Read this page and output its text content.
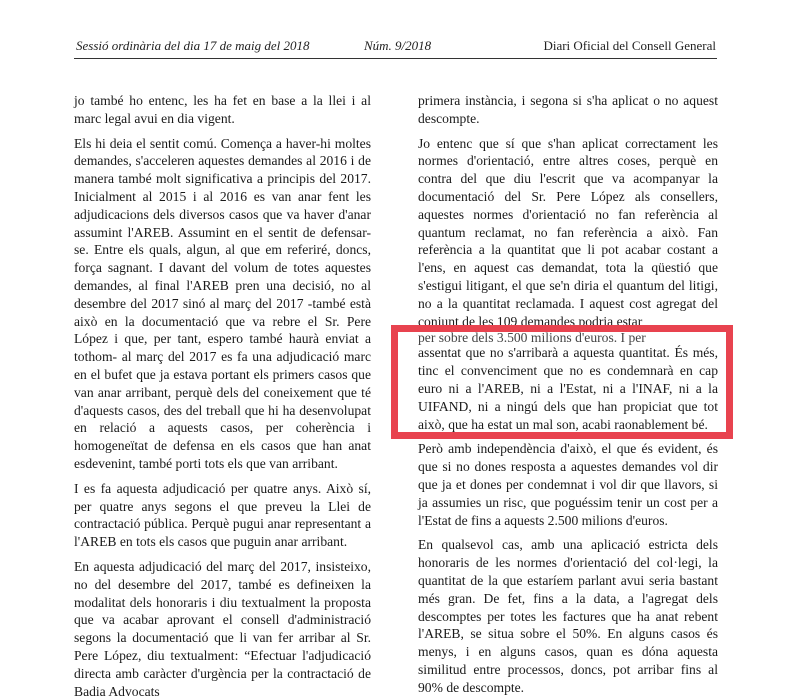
Sessió ordinària del dia 17 de maig del 2018	Núm. 9/2018	Diari Oficial del Consell General

jo també ho entenc, les ha fet en base a la llei i al marc legal avui en dia vigent.

Els hi deia el sentit comú. Comença a haver-hi moltes demandes, s'acceleren aquestes demandes al 2016 i de manera també molt significativa a principis del 2017. Inicialment al 2015 i al 2016 es van anar fent les adjudicacions dels diversos casos que va haver d'anar assumint l'AREB. Assumint en el sentit de defensar-se. Entre els quals, algun, al que em referiré, doncs, força sagnant. I davant del volum de totes aquestes demandes, al final l'AREB pren una decisió, no al desembre del 2017 sinó al març del 2017 -també està això en la documentació que va rebre el Sr. Pere López i que, per tant, espero també haurà enviat a tothom- al març del 2017 es fa una adjudicació marc en el bufet que ja estava portant els primers casos que van anar arribant, perquè dels del coneixement que té d'aquests casos, des del treball que hi ha desenvolupat en relació a aquests casos, per coherència i homogeneïtat de defensa en els casos que han anat esdevenint, també porti tots els que van arribant.

I es fa aquesta adjudicació per quatre anys. Això sí, per quatre anys segons el que preveu la Llei de contractació pública. Perquè pugui anar representant a l'AREB en tots els casos que puguin anar arribant.

En aquesta adjudicació del març del 2017, insisteixo, no del desembre del 2017, també es defineixen la modalitat dels honoraris i diu textualment la proposta que va acabar aprovant el consell d'administració segons la documentació que li van fer arribar al Sr. Pere López, diu textualment: “Efectuar l'adjudicació directa amb caràcter d'urgència per la contractació de Badia Advocats

primera instància, i segona si s'ha aplicat o no aquest descompte.

Jo entenc que sí que s'han aplicat correctament les normes d'orientació, entre altres coses, perquè en contra del que diu l'escrit que va acompanyar la documentació del Sr. Pere López als consellers, aquestes normes d'orientació no fan referència al quantum reclamat, no fan referència a això. Fan referència a la quantitat que li pot acabar costant a l'ens, en aquest cas demandat, tota la qüestió que s'estigui litigant, el que se'n diria el quantum del litigi, no a la quantitat reclamada. I aquest cost agregat del conjunt de les 109 demandes podria estar

per sobre dels 3.500 milions d'euros. I per

assentat que no s'arribarà a aquesta quantitat. És més, tinc el convenciment que no es condemnarà en cap euro ni a l'AREB, ni a l'Estat, ni a l'INAF, ni a la UIFAND, ni a ningú dels que han propiciat que tot això, que ha estat un mal son, acabi raonablement bé.

Però amb independència d'això, el que és evident, és que si no dones resposta a aquestes demandes vol dir que ja et dones per condemnat i vol dir que llavors, si ja assumies un risc, que poguéssim tenir un cost per a l'Estat de fins a aquests 2.500 milions d'euros.

En qualsevol cas, amb una aplicació estricta dels honoraris de les normes d'orientació del col·legi, la quantitat de la que estaríem parlant avui seria bastant més gran. De fet, fins a la data, a l'agregat dels descomptes per totes les factures que ha anat rebent l'AREB, se situa sobre el 50%. En alguns casos és menys, i en alguns casos, quan es dóna aquesta similitud entre processos, doncs, pot arribar fins al 90% de descompte.
